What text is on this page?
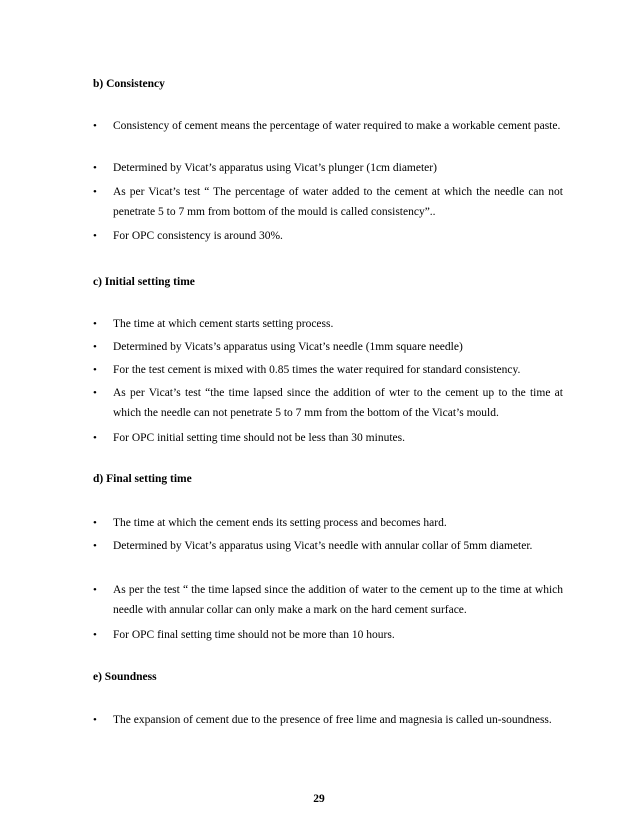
b) Consistency
•	Consistency of cement means the percentage of water required to make a workable cement paste.
•	Determined by Vicat’s apparatus using Vicat’s plunger (1cm diameter)
•	As per Vicat’s test “ The percentage of water added to the cement at which the needle can not penetrate 5 to 7 mm from bottom of the mould is called consistency”..
•	For OPC consistency is around 30%.
c) Initial setting time
•	The time at which cement starts setting process.
•	Determined by Vicats’s apparatus using Vicat’s needle (1mm square needle)
•	For the test cement is mixed with 0.85 times the water required for standard consistency.
•	As per Vicat’s test “the time lapsed since the addition of wter to the cement up to the time at which the needle can not penetrate 5 to 7 mm from the bottom of the Vicat’s mould.
•	For OPC initial setting time should not be less than 30 minutes.
d) Final setting time
•	The time at which the cement ends its setting process and becomes hard.
•	Determined by Vicat’s apparatus using Vicat’s needle with annular collar of 5mm diameter.
•	As per the test “ the time lapsed since the addition of water to the cement up to the time at which needle with annular collar can only make a mark on the hard cement surface.
•	For OPC final setting time should not be more than 10 hours.
e) Soundness
•	The expansion of cement due to the presence of free lime and magnesia is called un-soundness.
29
